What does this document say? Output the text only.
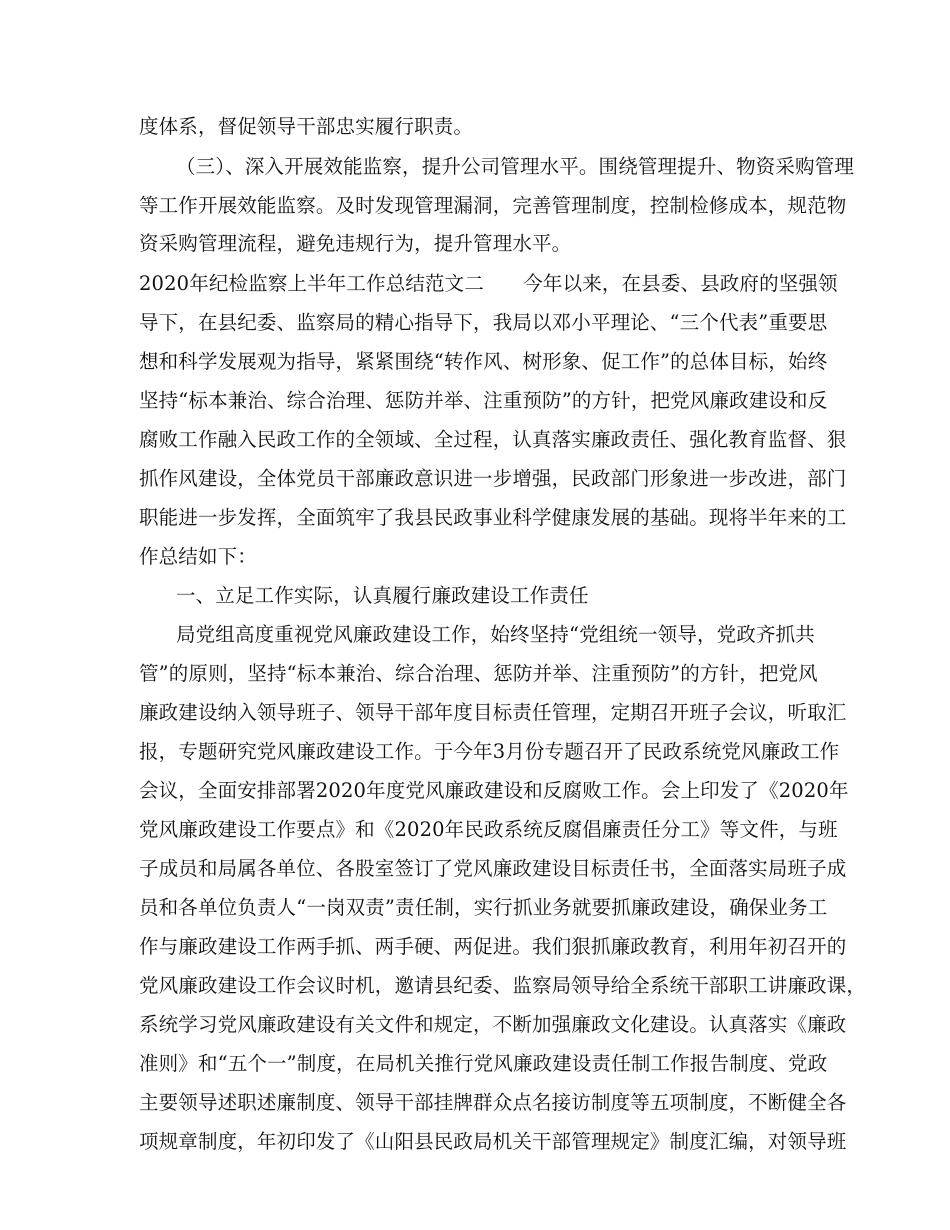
度体系，督促领导干部忠实履行职责。
（三）、深入开展效能监察，提升公司管理水平。围绕管理提升、物资采购管理
等工作开展效能监察。及时发现管理漏洞，完善管理制度，控制检修成本，规范物
资采购管理流程，避免违规行为，提升管理水平。
2020年纪检监察上半年工作总结范文二　　今年以来，在县委、县政府的坚强领
导下，在县纪委、监察局的精心指导下，我局以邓小平理论、“三个代表”重要思
想和科学发展观为指导，紧紧围绕“转作风、树形象、促工作”的总体目标，始终
坚持“标本兼治、综合治理、惩防并举、注重预防”的方针，把党风廉政建设和反
腐败工作融入民政工作的全领域、全过程，认真落实廉政责任、强化教育监督、狠
抓作风建设，全体党员干部廉政意识进一步增强，民政部门形象进一步改进，部门
职能进一步发挥，全面筑牢了我县民政事业科学健康发展的基础。现将半年来的工
作总结如下：
一、立足工作实际，认真履行廉政建设工作责任
局党组高度重视党风廉政建设工作，始终坚持“党组统一领导，党政齐抓共
管”的原则，坚持“标本兼治、综合治理、惩防并举、注重预防”的方针，把党风
廉政建设纳入领导班子、领导干部年度目标责任管理，定期召开班子会议，听取汇
报，专题研究党风廉政建设工作。于今年3月份专题召开了民政系统党风廉政工作
会议，全面安排部署2020年度党风廉政建设和反腐败工作。会上印发了《2020年
党风廉政建设工作要点》和《2020年民政系统反腐倡廉责任分工》等文件，与班
子成员和局属各单位、各股室签订了党风廉政建设目标责任书，全面落实局班子成
员和各单位负责人“一岗双责”责任制，实行抓业务就要抓廉政建设，确保业务工
作与廉政建设工作两手抓、两手硬、两促进。我们狠抓廉政教育，利用年初召开的
党风廉政建设工作会议时机，邀请县纪委、监察局领导给全系统干部职工讲廉政课，
系统学习党风廉政建设有关文件和规定，不断加强廉政文化建设。认真落实《廉政
准则》和“五个一”制度，在局机关推行党风廉政建设责任制工作报告制度、党政
主要领导述职述廉制度、领导干部挂牌群众点名接访制度等五项制度，不断健全各
项规章制度，年初印发了《山阳县民政局机关干部管理规定》制度汇编，对领导班
